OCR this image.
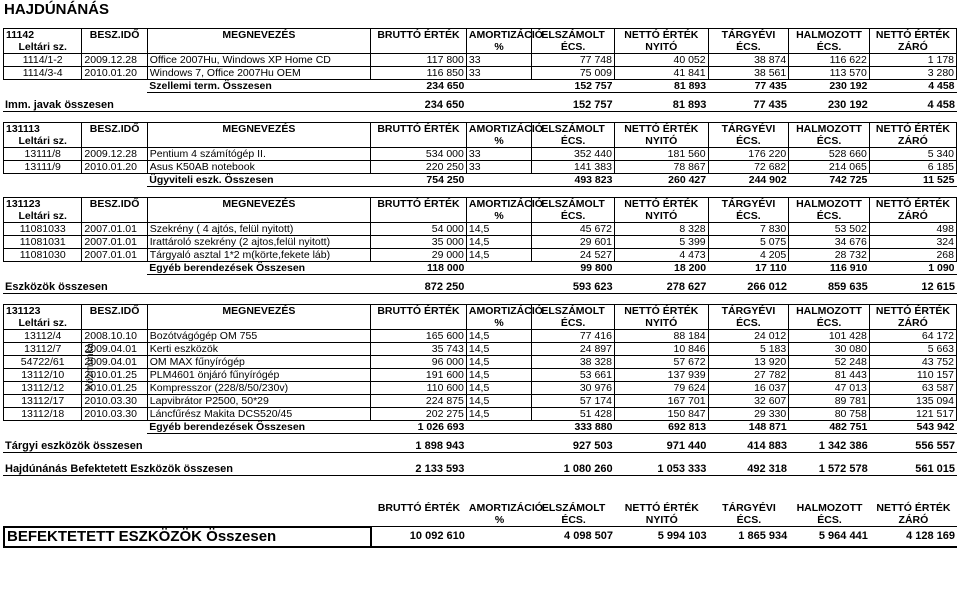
HAJDÚNÁNÁS
11142
Leltári sz.	BESZ.IDŐ	MEGNEVEZÉS	BRUTTÓ ÉRTÉK	AMORTIZÁCIÓ %	ELSZÁMOLT ÉCS.	NETTÓ ÉRTÉK NYITÓ	TÁRGYÉVI ÉCS.	HALMOZOTT ÉCS.	NETTÓ ÉRTÉK ZÁRÓ
1114/1-2	2009.12.28	Office 2007Hu, Windows XP Home CD	117 800	33	77 748	40 052	38 874	116 622	1 178
1114/3-4	2010.01.20	Windows 7, Office 2007Hu OEM	116 850	33	75 009	41 841	38 561	113 570	3 280
		Szellemi term. Összesen	234 650		152 757	81 893	77 435	230 192	4 458
Imm. javak összesen	234 650		152 757	81 893	77 435	230 192	4 458
131113
Leltári sz.	BESZ.IDŐ	MEGNEVEZÉS	BRUTTÓ ÉRTÉK	AMORTIZÁCIÓ %	ELSZÁMOLT ÉCS.	NETTÓ ÉRTÉK NYITÓ	TÁRGYÉVI ÉCS.	HALMOZOTT ÉCS.	NETTÓ ÉRTÉK ZÁRÓ
13111/8	2009.12.28	Pentium 4 számítógép II.	534 000	33	352 440	181 560	176 220	528 660	5 340
13111/9	2010.01.20	Asus K50AB notebook	220 250	33	141 383	78 867	72 682	214 065	6 185
		Ügyviteli eszk. Összesen	754 250		493 823	260 427	244 902	742 725	11 525
131123
Leltári sz.	BESZ.IDŐ	MEGNEVEZÉS	BRUTTÓ ÉRTÉK	AMORTIZÁCIÓ %	ELSZÁMOLT ÉCS.	NETTÓ ÉRTÉK NYITÓ	TÁRGYÉVI ÉCS.	HALMOZOTT ÉCS.	NETTÓ ÉRTÉK ZÁRÓ
11081033	2007.01.01	Szekrény ( 4 ajtós, felül nyitott)	54 000	14,5	45 672	8 328	7 830	53 502	498
11081031	2007.01.01	Irattároló szekrény (2 ajtos,felül nyitott)	35 000	14,5	29 601	5 399	5 075	34 676	324
11081030	2007.01.01	Tárgyaló asztal 1*2 m(körte,fekete láb)	29 000	14,5	24 527	4 473	4 205	28 732	268
		Egyéb berendezések Összesen	118 000		99 800	18 200	17 110	116 910	1 090
Eszközök összesen	872 250		593 623	278 627	266 012	859 635	12 615
131123
Leltári sz.	BESZ.IDŐ	MEGNEVEZÉS	BRUTTÓ ÉRTÉK	AMORTIZÁCIÓ %	ELSZÁMOLT ÉCS.	NETTÓ ÉRTÉK NYITÓ	TÁRGYÉVI ÉCS.	HALMOZOTT ÉCS.	NETTÓ ÉRTÉK ZÁRÓ
13112/4	2008.10.10	Bozótvágógép OM 755	165 600	14,5	77 416	88 184	24 012	101 428	64 172
13112/7 Közmunka	2009.04.01	Kerti eszközök	35 743	14,5	24 897	10 846	5 183	30 080	5 663
54722/61	2009.04.01	OM MAX fűnyírógép	96 000	14,5	38 328	57 672	13 920	52 248	43 752
13112/10	2010.01.25	PLM4601 önjáró fűnyírógép	191 600	14,5	53 661	137 939	27 782	81 443	110 157
13112/12	2010.01.25	Kompresszor (228/8/50/230v)	110 600	14,5	30 976	79 624	16 037	47 013	63 587
13112/17	2010.03.30	Lapvibrátor P2500, 50*29	224 875	14,5	57 174	167 701	32 607	89 781	135 094
13112/18	2010.03.30	Láncfűrész Makita DCS520/45	202 275	14,5	51 428	150 847	29 330	80 758	121 517
		Egyéb berendezések Összesen	1 026 693		333 880	692 813	148 871	482 751	543 942
Tárgyi eszközök összesen	1 898 943		927 503	971 440	414 883	1 342 386	556 557
Hajdúnánás Befektetett Eszközök összesen	2 133 593		1 080 260	1 053 333	492 318	1 572 578	561 015
	BRUTTÓ ÉRTÉK	AMORTIZÁCIÓ %	ELSZÁMOLT ÉCS.	NETTÓ ÉRTÉK NYITÓ	TÁRGYÉVI ÉCS.	HALMOZOTT ÉCS.	NETTÓ ÉRTÉK ZÁRÓ
BEFEKTETETT ESZKÖZÖK Összesen	10 092 610		4 098 507	5 994 103	1 865 934	5 964 441	4 128 169
